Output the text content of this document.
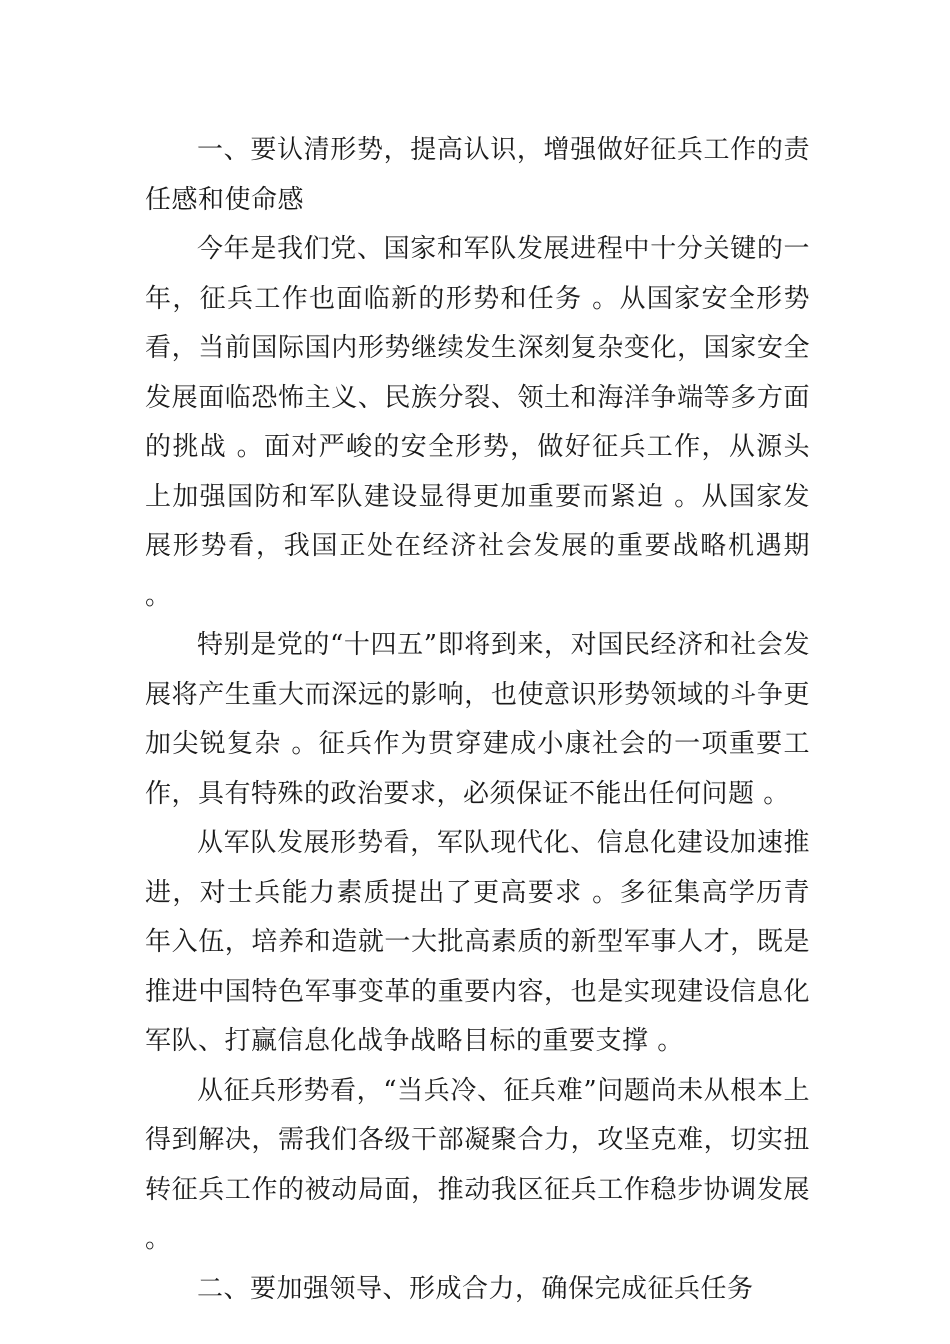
一、要认清形势，提高认识，增强做好征兵工作的责任感和使命感

今年是我们党、国家和军队发展进程中十分关键的一年，征兵工作也面临新的形势和任务 。从国家安全形势看，当前国际国内形势继续发生深刻复杂变化，国家安全发展面临恐怖主义、民族分裂、领土和海洋争端等多方面的挑战 。面对严峻的安全形势，做好征兵工作，从源头上加强国防和军队建设显得更加重要而紧迫 。从国家发展形势看，我国正处在经济社会发展的重要战略机遇期 。

特别是党的“十四五”即将到来，对国民经济和社会发展将产生重大而深远的影响，也使意识形势领域的斗争更加尖锐复杂 。征兵作为贯穿建成小康社会的一项重要工作，具有特殊的政治要求，必须保证不能出任何问题 。

从军队发展形势看，军队现代化、信息化建设加速推进，对士兵能力素质提出了更高要求 。多征集高学历青年入伍，培养和造就一大批高素质的新型军事人才，既是推进中国特色军事变革的重要内容，也是实现建设信息化军队、打赢信息化战争战略目标的重要支撑 。

从征兵形势看，“当兵冷、征兵难”问题尚未从根本上得到解决，需我们各级干部凝聚合力，攻坚克难，切实扭转征兵工作的被动局面，推动我区征兵工作稳步协调发展 。

二、要加强领导、形成合力，确保完成征兵任务
